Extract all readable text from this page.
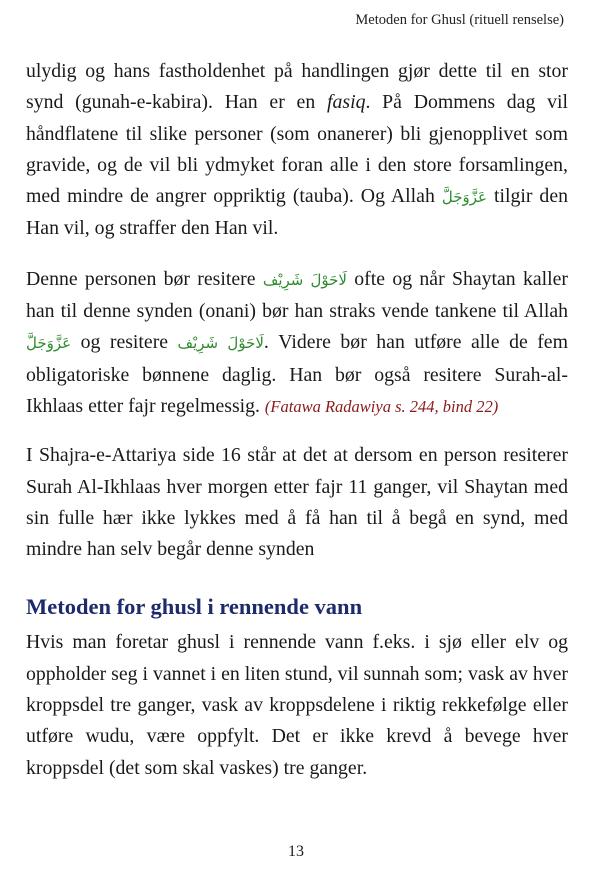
Metoden for Ghusl (rituell renselse)

ulydig og hans fastholdenhet på handlingen gjør dette til en stor synd (gunah-e-kabira). Han er en fasiq. På Dommens dag vil håndflatene til slike personer (som onanerer) bli gjenopplivet som gravide, og de vil bli ydmyket foran alle i den store forsamlingen, med mindre de angrer oppriktig (tauba). Og Allah عَزَّوَجَلَّ tilgir den Han vil, og straffer den Han vil.

Denne personen bør resitere لَاحَوْلَ شَرِيْف ofte og når Shaytan kaller han til denne synden (onani) bør han straks vende tankene til Allah عَزَّوَجَلَّ og resitere لَاحَوْلَ شَرِيْف. Videre bør han utføre alle de fem obligatoriske bønnene daglig. Han bør også resitere Surah-al-Ikhlaas etter fajr regelmessig. (Fatawa Radawiya s. 244, bind 22)

I Shajra-e-Attariya side 16 står at det at dersom en person resiterer Surah Al-Ikhlaas hver morgen etter fajr 11 ganger, vil Shaytan med sin fulle hær ikke lykkes med å få han til å begå en synd, med mindre han selv begår denne synden

Metoden for ghusl i rennende vann

Hvis man foretar ghusl i rennende vann f.eks. i sjø eller elv og oppholder seg i vannet i en liten stund, vil sunnah som; vask av hver kroppsdel tre ganger, vask av kroppsdelene i riktig rekkefølge eller utføre wudu, være oppfylt. Det er ikke krevd å bevege hver kroppsdel (det som skal vaskes) tre ganger.

13
